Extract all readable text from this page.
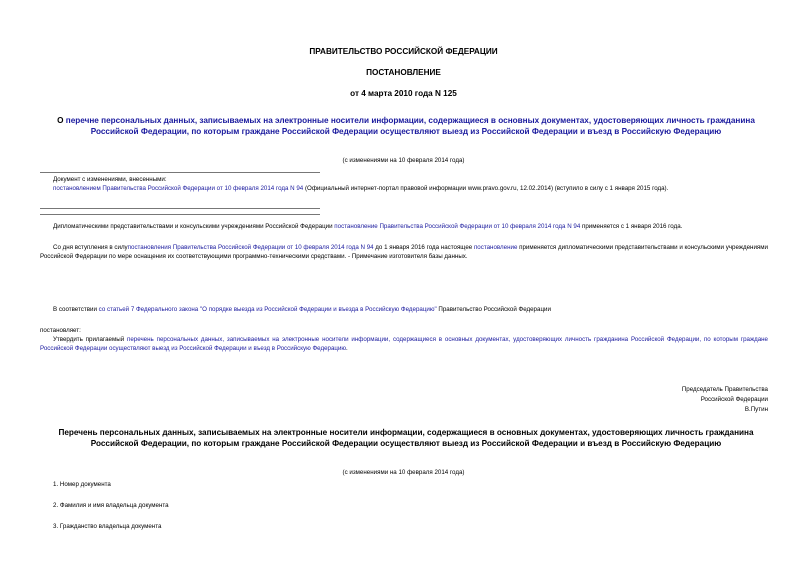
ПРАВИТЕЛЬСТВО РОССИЙСКОЙ ФЕДЕРАЦИИ
ПОСТАНОВЛЕНИЕ
от 4 марта 2010 года N 125
О перечне персональных данных, записываемых на электронные носители информации, содержащиеся в основных документах, удостоверяющих личность гражданина Российской Федерации, по которым граждане Российской Федерации осуществляют выезд из Российской Федерации и въезд в Российскую Федерацию
(с изменениями на 10 февраля 2014 года)
Документ с изменениями, внесенными:
постановлением Правительства Российской Федерации от 10 февраля 2014 года N 94 (Официальный интернет-портал правовой информации www.pravo.gov.ru, 12.02.2014) (вступило в силу с 1 января 2015 года).
Дипломатическими представительствами и консульскими учреждениями Российской Федерации постановление Правительства Российской Федерации от 10 февраля 2014 года N 94 применяется с 1 января 2016 года.
Со дня вступления в силупостановления Правительства Российской Федерации от 10 февраля 2014 года N 94 до 1 января 2016 года настоящее постановление применяется дипломатическими представительствами и консульскими учреждениями Российской Федерации по мере оснащения их соответствующими программно-техническими средствами. - Примечание изготовителя базы данных.
В соответствии со статьей 7 Федерального закона "О порядке выезда из Российской Федерации и въезда в Российскую Федерацию" Правительство Российской Федерации
постановляет:
Утвердить прилагаемый перечень персональных данных, записываемых на электронные носители информации, содержащиеся в основных документах, удостоверяющих личность гражданина Российской Федерации, по которым граждане Российской Федерации осуществляют выезд из Российской Федерации и въезд в Российскую Федерацию.
Председатель Правительства
Российской Федерации
В.Путин
Перечень персональных данных, записываемых на электронные носители информации, содержащиеся в основных документах, удостоверяющих личность гражданина Российской Федерации, по которым граждане Российской Федерации осуществляют выезд из Российской Федерации и въезд в Российскую Федерацию
(с изменениями на 10 февраля 2014 года)
1. Номер документа
2. Фамилия и имя владельца документа
3. Гражданство владельца документа
